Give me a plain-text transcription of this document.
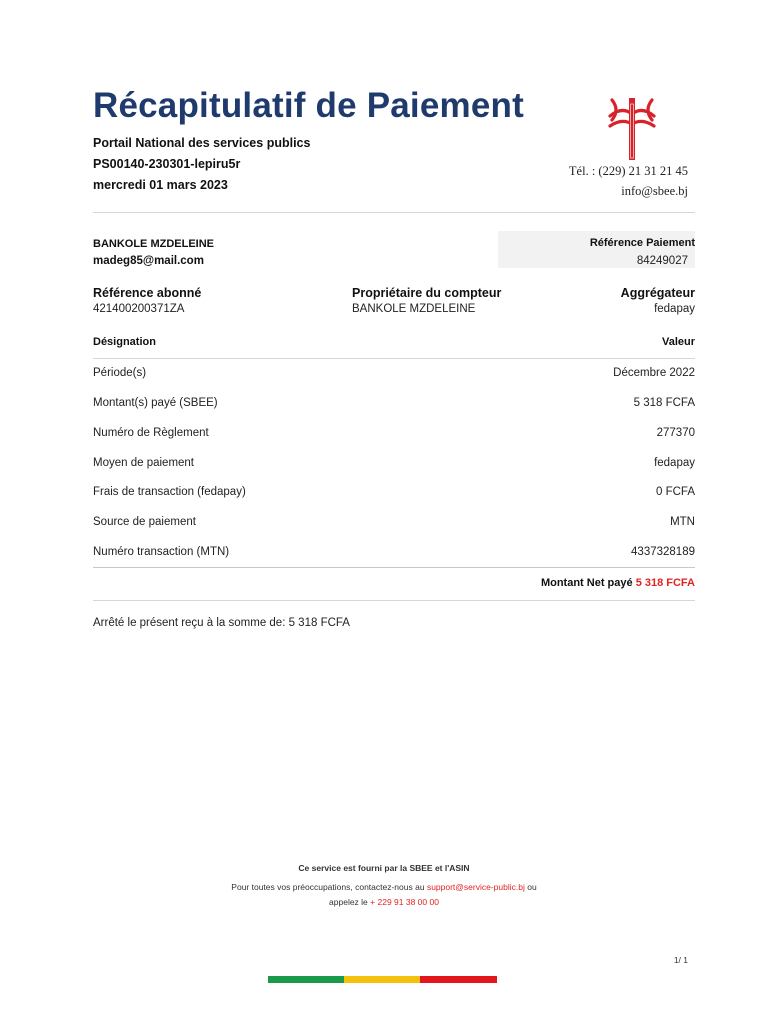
Récapitulatif de Paiement
Portail National des services publics
PS00140-230301-lepiru5r
mercredi 01 mars 2023
Tél. : (229) 21 31 21 45
info@sbee.bj
BANKOLE MZDELEINE
madeg85@mail.com
Référence Paiement
84249027
Référence abonné
421400200371ZA
Propriétaire du compteur
BANKOLE MZDELEINE
Aggrégateur
fedapay
Désignation	Valeur
Période(s)	Décembre 2022
Montant(s) payé (SBEE)	5 318 FCFA
Numéro de Règlement	277370
Moyen de paiement	fedapay
Frais de transaction (fedapay)	0 FCFA
Source de paiement	MTN
Numéro transaction (MTN)	4337328189
Montant Net payé 5 318 FCFA
Arrêté le présent reçu à la somme de: 5 318 FCFA
Ce service est fourni par la SBEE et l'ASIN
Pour toutes vos préoccupations, contactez-nous au support@service-public.bj ou
appelez le + 229 91 38 00 00
1/ 1
